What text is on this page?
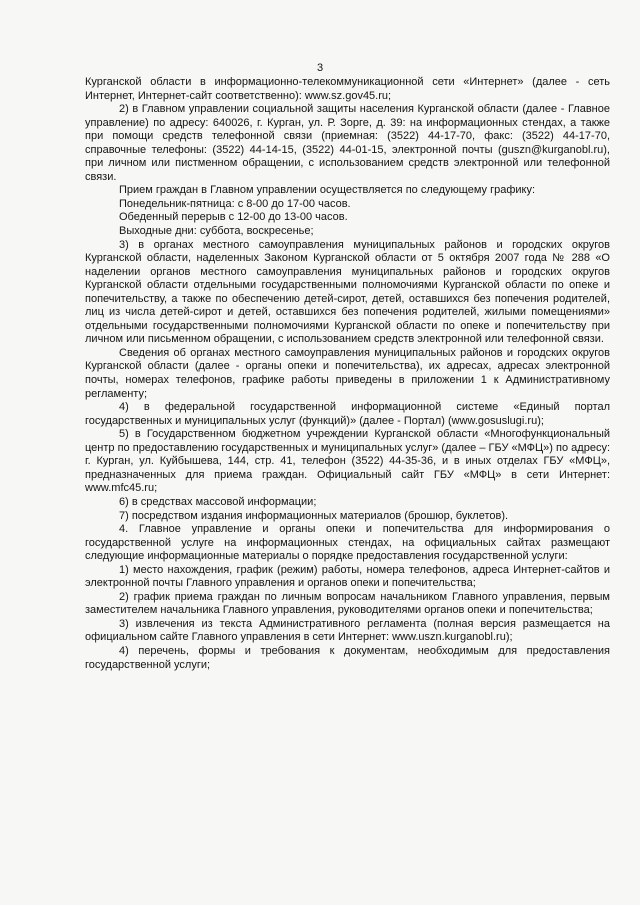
3

Курганской области в информационно-телекоммуникационной сети «Интернет» (далее - сеть Интернет, Интернет-сайт соответственно): www.sz.gov45.ru;

2) в Главном управлении социальной защиты населения Курганской области (далее - Главное управление) по адресу: 640026, г. Курган, ул. Р. Зорге, д. 39: на информационных стендах, а также при помощи средств телефонной связи (приемная: (3522) 44-17-70, факс: (3522) 44-17-70, справочные телефоны: (3522) 44-14-15, (3522) 44-01-15, электронной почты (guszn@kurganobl.ru), при личном или пистменном обращении, с использованием средств электронной или телефонной связи.

Прием граждан в Главном управлении осуществляется по следующему графику:

Понедельник-пятница: с 8-00 до 17-00 часов.

Обеденный перерыв с 12-00 до 13-00 часов.

Выходные дни: суббота, воскресенье;

3) в органах местного самоуправления муниципальных районов и городских округов Курганской области, наделенных Законом Курганской области от 5 октября 2007 года № 288 «О наделении органов местного самоуправления муниципальных районов и городских округов Курганской области отдельными государственными полномочиями Курганской области по опеке и попечительству, а также по обеспечению детей-сирот, детей, оставшихся без попечения родителей, лиц из числа детей-сирот и детей, оставшихся без попечения родителей, жилыми помещениями» отдельными государственными полномочиями Курганской области по опеке и попечительству при личном или письменном обращении, с использованием средств электронной или телефонной связи.

Сведения об органах местного самоуправления муниципальных районов и городских округов Курганской области (далее - органы опеки и попечительства), их адресах, адресах электронной почты, номерах телефонов, графике работы приведены в приложении 1 к Административному регламенту;

4) в федеральной государственной информационной системе «Единый портал государственных и муниципальных услуг (функций)» (далее - Портал) (www.gosuslugi.ru);

5) в Государственном бюджетном учреждении Курганской области «Многофункциональный центр по предоставлению государственных и муниципальных услуг» (далее – ГБУ «МФЦ») по адресу: г. Курган, ул. Куйбышева, 144, стр. 41, телефон (3522) 44-35-36, и в иных отделах ГБУ «МФЦ», предназначенных для приема граждан. Официальный сайт ГБУ «МФЦ» в сети Интернет: www.mfc45.ru;

6) в средствах массовой информации;

7) посредством издания информационных материалов (брошюр, буклетов).

4. Главное управление и органы опеки и попечительства для информирования о государственной услуге на информационных стендах, на официальных сайтах размещают следующие информационные материалы о порядке предоставления государственной услуги:

1) место нахождения, график (режим) работы, номера телефонов, адреса Интернет-сайтов и электронной почты Главного управления и органов опеки и попечительства;

2) график приема граждан по личным вопросам начальником Главного управления, первым заместителем начальника Главного управления, руководителями органов опеки и попечительства;

3) извлечения из текста Административного регламента (полная версия размещается на официальном сайте Главного управления в сети Интернет: www.uszn.kurganobl.ru);

4) перечень, формы и требования к документам, необходимым для предоставления государственной услуги;
